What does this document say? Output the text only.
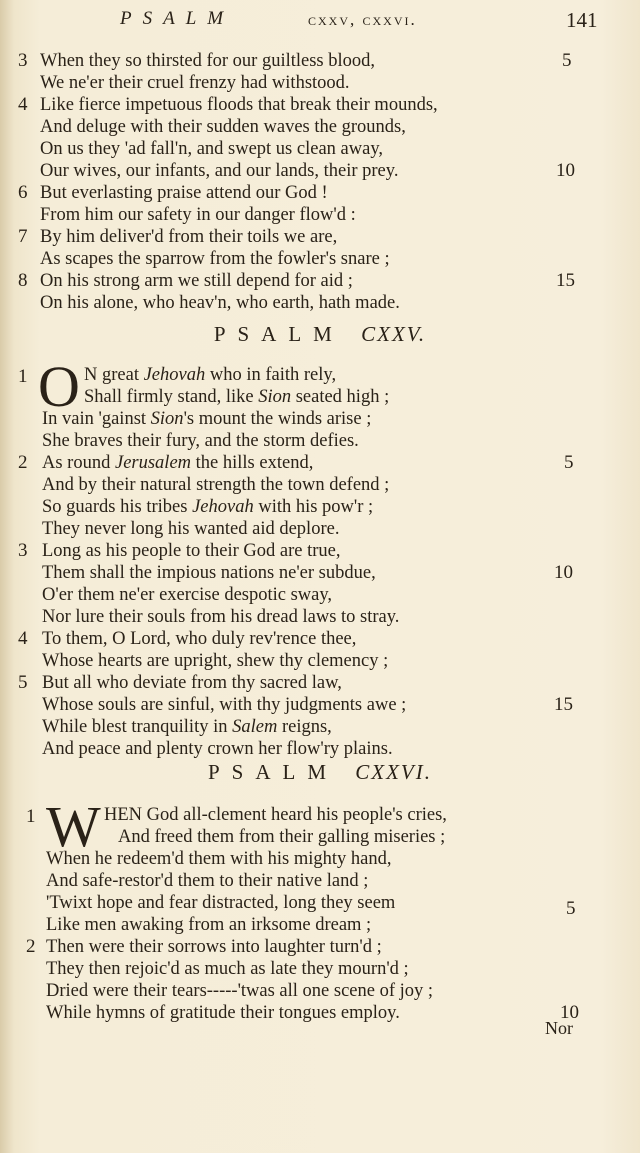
PSALM	cxxv, cxxvi.	141
3 When they so thirsted for our guiltless blood,	5
We ne'er their cruel frenzy had withstood.
4 Like fierce impetuous floods that break their mounds,
And deluge with their sudden waves the grounds,
On us they 'ad fall'n, and swept us clean away,
Our wives, our infants, and our lands, their prey.	10
6 But everlasting praise attend our God !
From him our safety in our danger flow'd :
7 By him deliver'd from their toils we are,
As scapes the sparrow from the fowler's snare ;
8 On his strong arm we still depend for aid ;	15
On his alone, who heav'n, who earth, hath made.
PSALM CXXV.
1 O N great Jehovah who in faith rely,
Shall firmly stand, like Sion seated high ;
In vain 'gainst Sion's mount the winds arise ;
She braves their fury, and the storm defies.
2 As round Jerusalem the hills extend,	5
And by their natural strength the town defend ;
So guards his tribes Jehovah with his pow'r ;
They never long his wanted aid deplore.
3 Long as his people to their God are true,
Them shall the impious nations ne'er subdue,	10
O'er them ne'er exercise despotic sway,
Nor lure their souls from his dread laws to stray.
4 To them, O Lord, who duly rev'rence thee,
Whose hearts are upright, shew thy clemency ;
5 But all who deviate from thy sacred law,
Whose souls are sinful, with thy judgments awe ;	15
While blest tranquility in Salem reigns,
And peace and plenty crown her flow'ry plains.
PSALM CXXVI.
1 W HEN God all-clement heard his people's cries,
And freed them from their galling miseries ;
When he redeem'd them with his mighty hand,
And safe-restor'd them to their native land ;
'Twixt hope and fear distracted, long they seem	5
Like men awaking from an irksome dream ;
2 Then were their sorrows into laughter turn'd ;
They then rejoic'd as much as late they mourn'd ;
Dried were their tears-----'twas all one scene of joy ;
While hymns of gratitude their tongues employ.	10
Nor
